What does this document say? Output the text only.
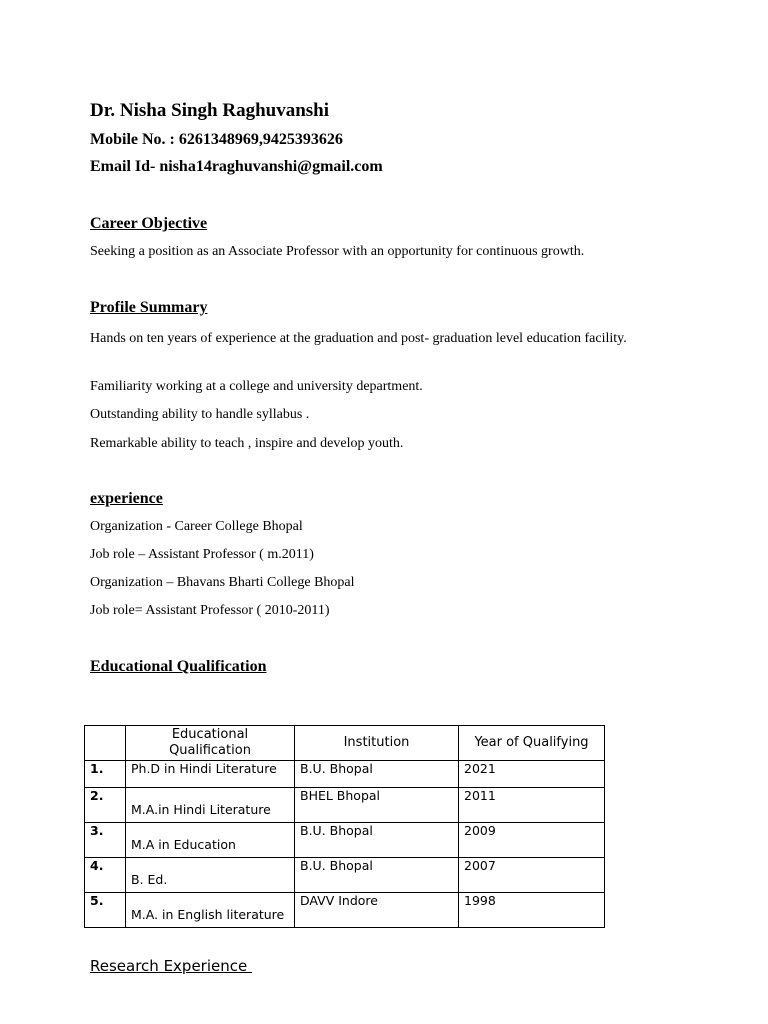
Dr. Nisha Singh Raghuvanshi
Mobile No. : 6261348969,9425393626
Email Id- nisha14raghuvanshi@gmail.com
Career Objective
Seeking a position as an Associate Professor with an opportunity for continuous growth.
Profile Summary
Hands on ten years of experience at the graduation and post- graduation level education facility.
Familiarity working at a college and university department.
Outstanding ability to handle syllabus .
Remarkable ability to teach , inspire and develop youth.
experience
Organization - Career College Bhopal
Job role – Assistant Professor ( m.2011)
Organization – Bhavans Bharti College Bhopal
Job role= Assistant Professor ( 2010-2011)
Educational Qualification
	Educational Qualification	Institution	Year of Qualifying
1.	Ph.D in Hindi Literature	B.U. Bhopal	2021
2.	M.A.in Hindi Literature	BHEL Bhopal	2011
3.	M.A in Education	B.U. Bhopal	2009
4.	B. Ed.	B.U. Bhopal	2007
5.	M.A. in English literature	DAVV Indore	1998
Research Experience
